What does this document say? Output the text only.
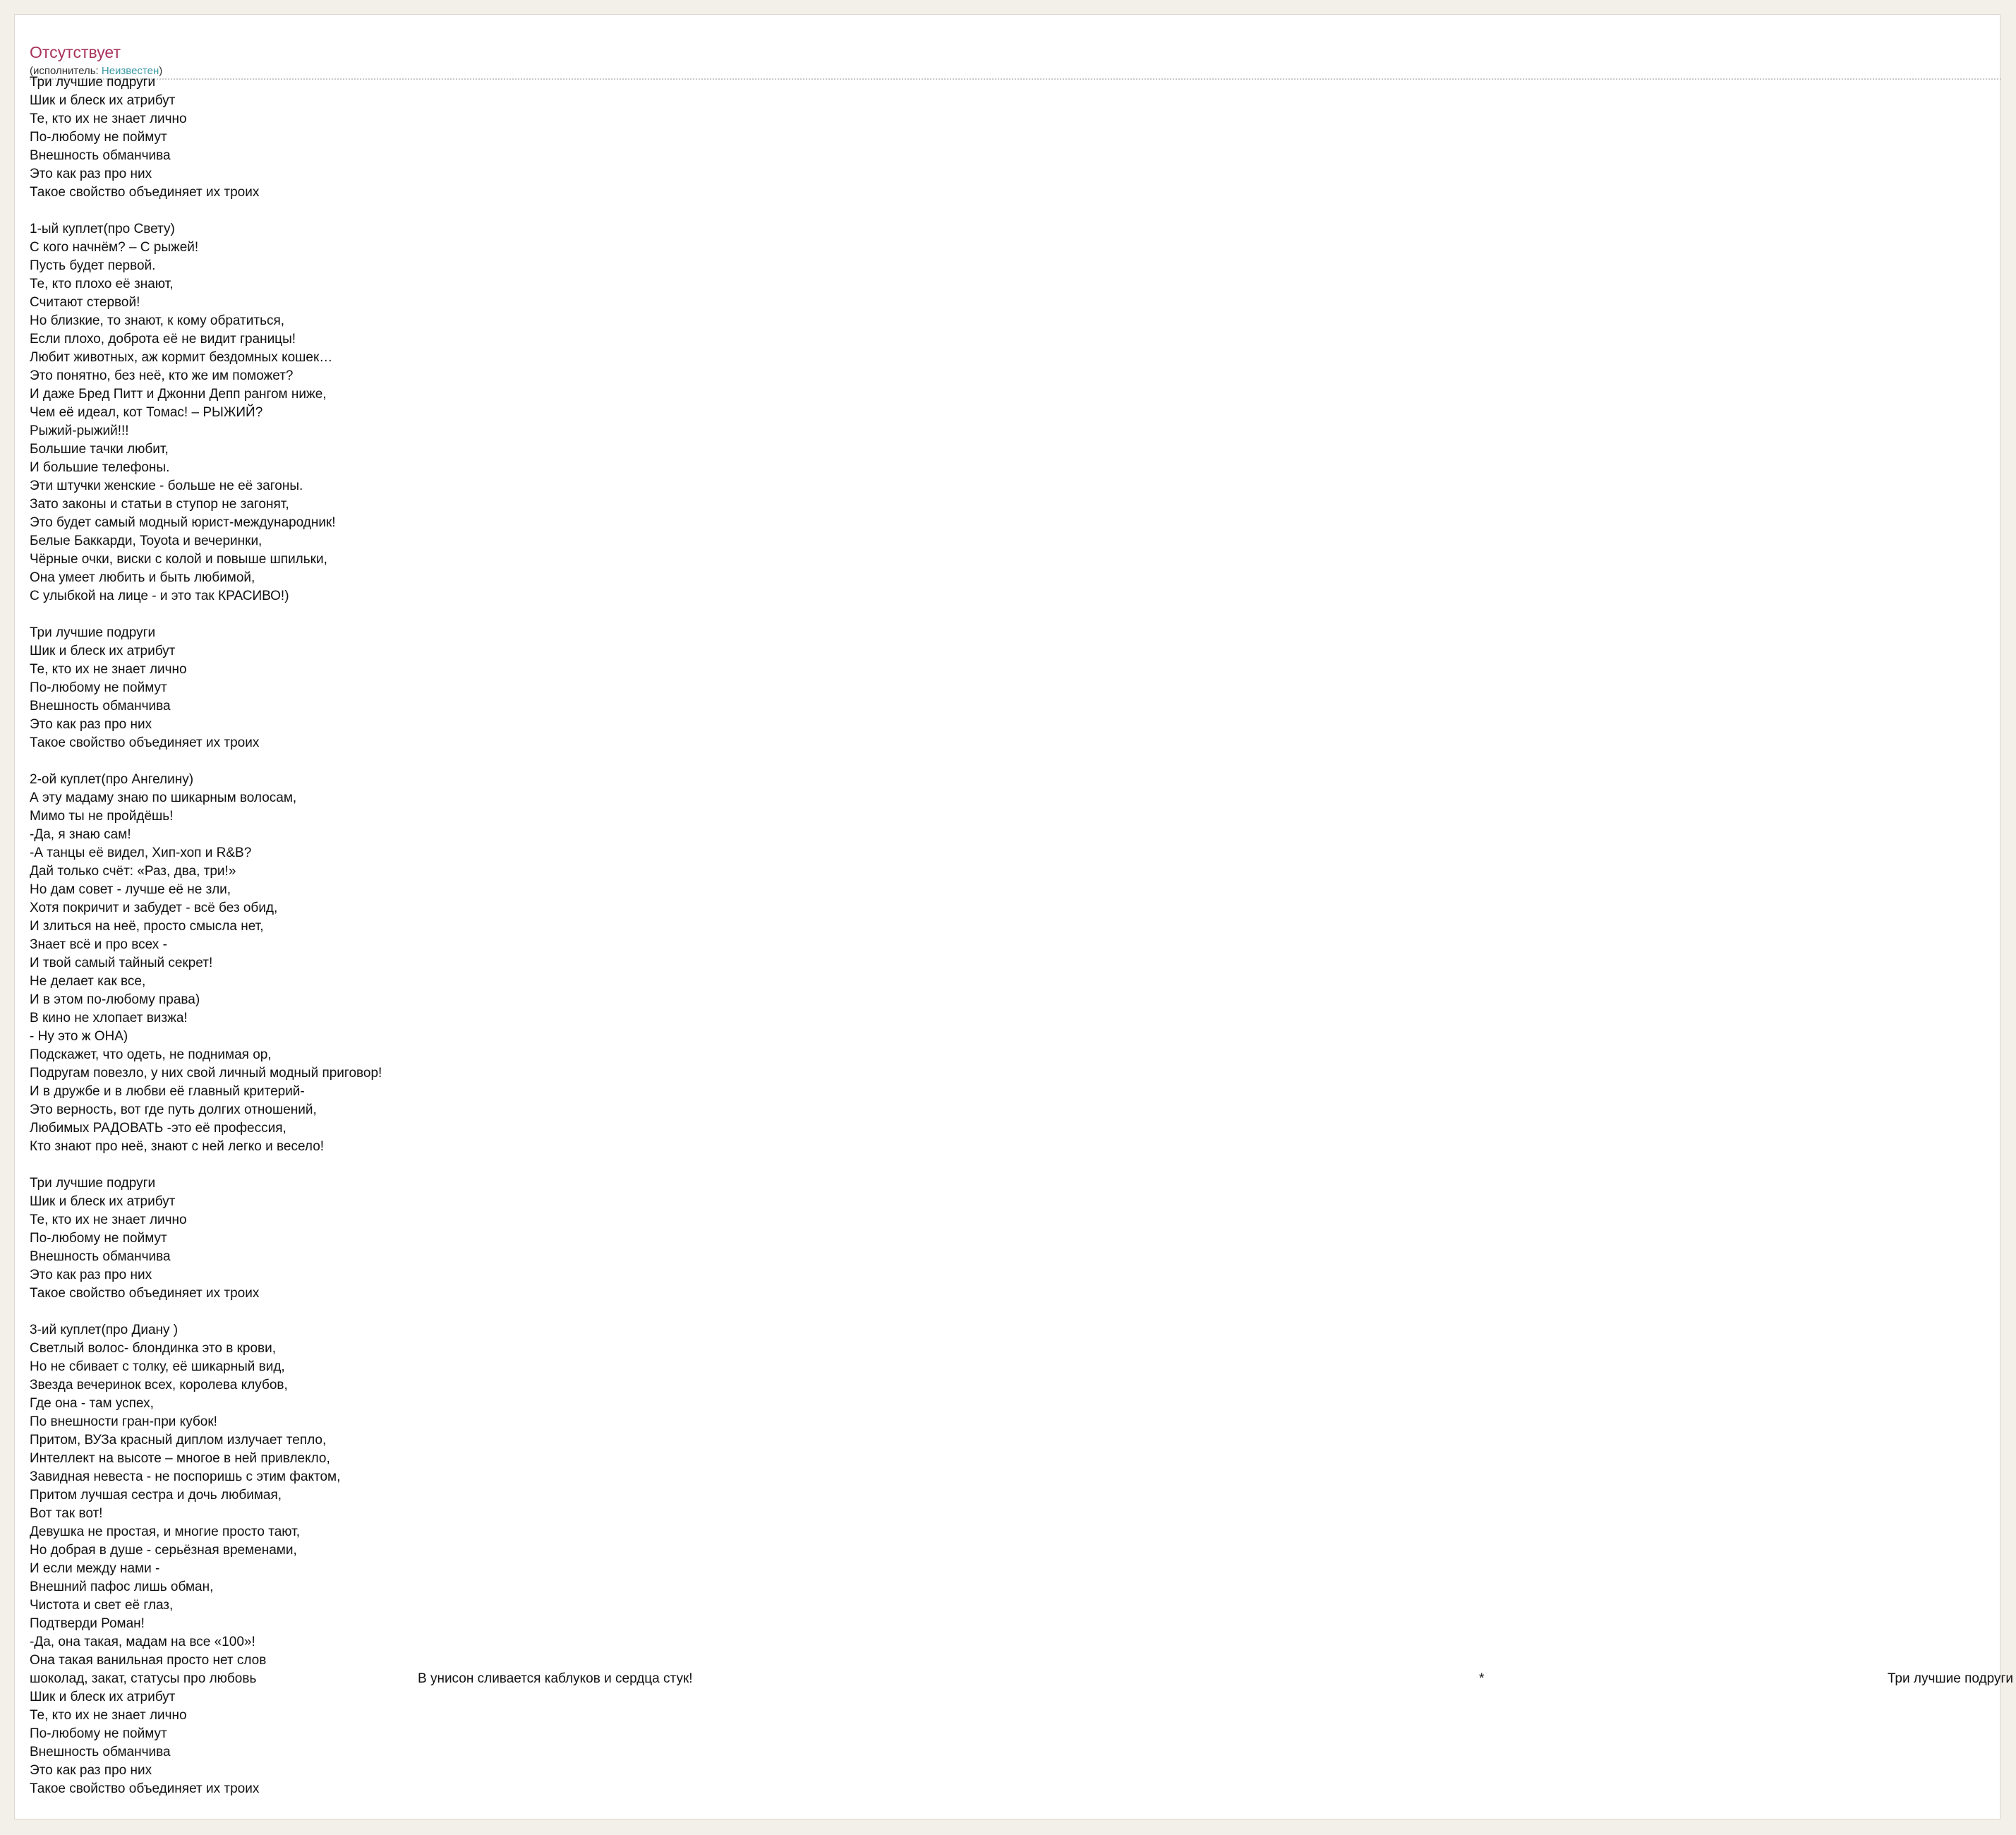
Отсутствует
(исполнитель: Неизвестен)
Три лучшие подруги
Шик и блеск их атрибут
Те, кто их не знает лично
По-любому не поймут
Внешность обманчива
Это как раз про них
Такое свойство объединяет их троих
1-ый куплет(про Свету)
С кого начнём? – С рыжей!
Пусть будет первой.
Те, кто плохо её знают,
Считают стервой!
Но близкие, то знают, к кому обратиться,
Если плохо, доброта её не видит границы!
Любит животных, аж кормит бездомных кошек…
Это понятно, без неё, кто же им поможет?
И даже Бред Питт и Джонни Депп рангом ниже,
Чем её идеал, кот Томас! – РЫЖИЙ?
Рыжий-рыжий!!!
Большие тачки любит,
И большие телефоны.
Эти штучки женские - больше не её загоны.
Зато законы и статьи в ступор не загонят,
Это будет самый модный юрист-международник!
Белые Баккарди, Toyota и вечеринки,
Чёрные очки, виски с колой и повыше шпильки,
Она умеет любить и быть любимой,
С улыбкой на лице - и это так КРАСИВО!)
Три лучшие подруги
Шик и блеск их атрибут
Те, кто их не знает лично
По-любому не поймут
Внешность обманчива
Это как раз про них
Такое свойство объединяет их троих
2-ой куплет(про Ангелину)
А эту мадаму знаю по шикарным волосам,
Мимо ты не пройдёшь!
-Да, я знаю сам!
-А танцы её видел, Хип-хоп и R&B?
Дай только счёт: «Раз, два, три!»
Но дам совет - лучше её не зли,
Хотя покричит и забудет - всё без обид,
И злиться на неё, просто смысла нет,
Знает всё и про всех -
И твой самый тайный секрет!
Не делает как все,
И в этом по-любому права)
В кино не хлопает визжа!
- Ну это ж ОНА)
Подскажет, что одеть, не поднимая ор,
Подругам повезло, у них свой личный модный приговор!
И в дружбе и в любви её главный критерий-
Это верность, вот где путь долгих отношений,
Любимых РАДОВАТЬ -это её профессия,
Кто знают про неё, знают с ней легко и весело!
Три лучшие подруги
Шик и блеск их атрибут
Те, кто их не знает лично
По-любому не поймут
Внешность обманчива
Это как раз про них
Такое свойство объединяет их троих
3-ий куплет(про Диану )
Светлый волос- блондинка это в крови,
Но не сбивает с толку, её шикарный вид,
Звезда вечеринок всех, королева клубов,
Где она - там успех,
По внешности гран-при кубок!
Притом, ВУЗа красный диплом излучает тепло,
Интеллект на высоте – многое в ней привлекло,
Завидная невеста - не поспоришь с этим фактом,
Притом лучшая сестра и дочь любимая,
Вот так вот!
Девушка не простая, и многие просто тают,
Но добрая в душе - серьёзная временами,
И если между нами -
Внешний пафос лишь обман,
Чистота и свет её глаз,
Подтверди Роман!
-Да, она такая, мадам на все «100»!
Она такая ванильная просто нет слов
шоколад, закат, статусы про любовь
Шик и блеск их атрибут
Те, кто их не знает лично
По-любому не поймут
Внешность обманчива
Это как раз про них
Такое свойство объединяет их троих
В унисон сливается каблуков и сердца стук!	*	Три лучшие подруги
